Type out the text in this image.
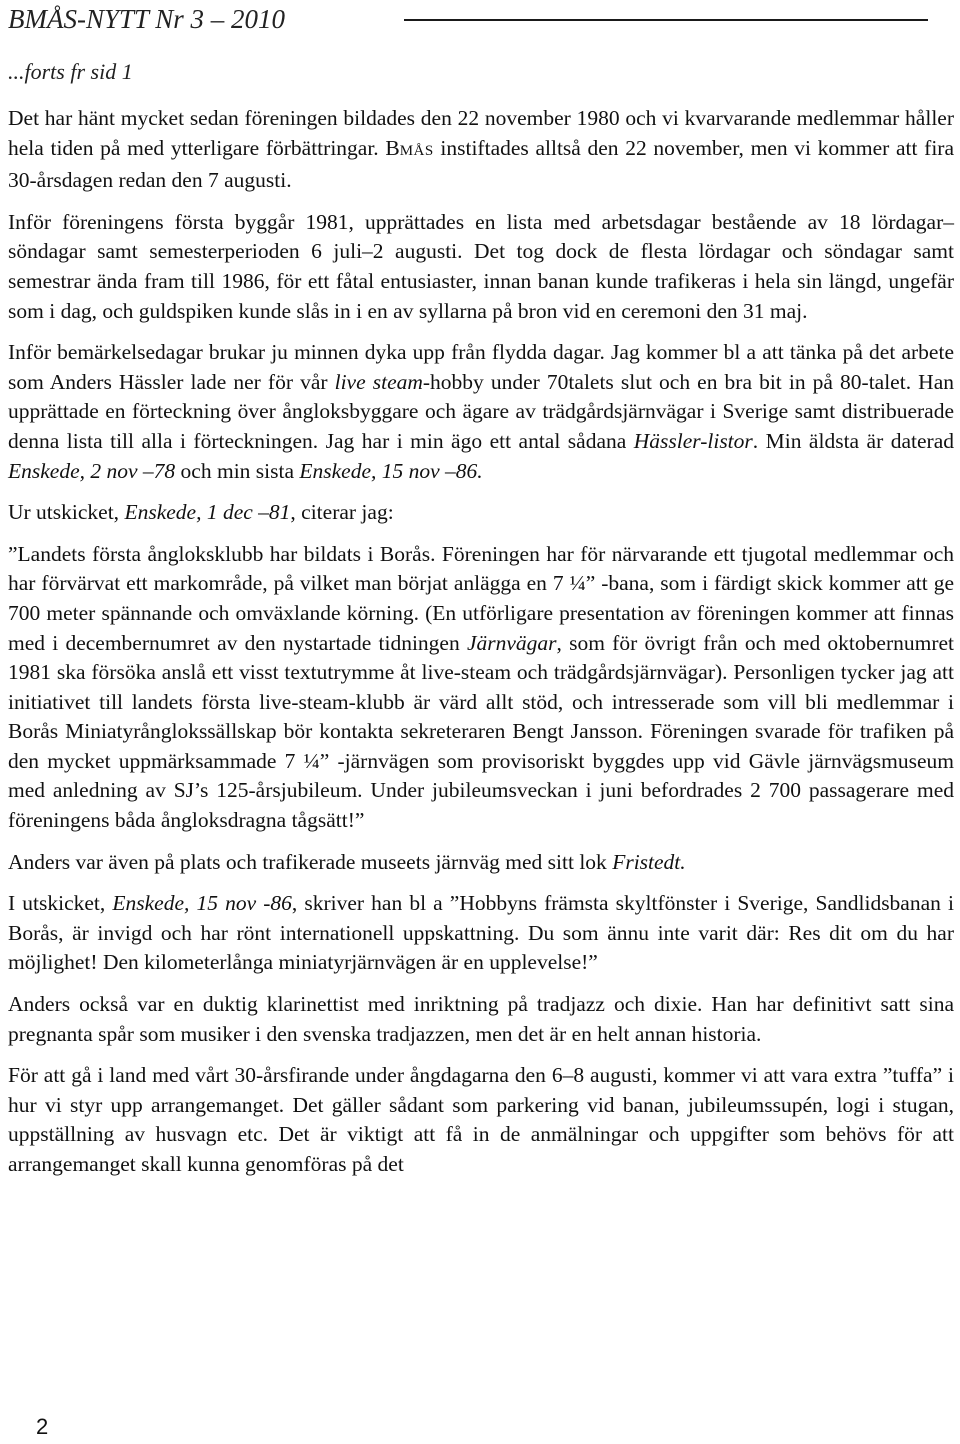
BMÅS-NYTT Nr 3 – 2010
...forts fr sid 1

Det har hänt mycket sedan föreningen bildades den 22 november 1980 och vi kvarvarande medlemmar håller hela tiden på med ytterligare förbättringar. BMÅS instiftades alltså den 22 november, men vi kommer att fira 30-årsdagen redan den 7 augusti.

Inför föreningens första byggår 1981, upprättades en lista med arbetsdagar bestående av 18 lördagar–söndagar samt semesterperioden 6 juli–2 augusti. Det tog dock de flesta lördagar och söndagar samt semestrar ända fram till 1986, för ett fåtal entusiaster, innan banan kunde trafikeras i hela sin längd, ungefär som i dag, och guldspiken kunde slås in i en av syllarna på bron vid en ceremoni den 31 maj.

Inför bemärkelsedagar brukar ju minnen dyka upp från flydda dagar. Jag kommer bl a att tänka på det arbete som Anders Hässler lade ner för vår live steam-hobby under 70talets slut och en bra bit in på 80-talet. Han upprättade en förteckning över ångloksbyggare och ägare av trädgårdsjärnvägar i Sverige samt distribuerade denna lista till alla i förteckningen. Jag har i min ägo ett antal sådana Hässler-listor. Min äldsta är daterad Enskede, 2 nov –78 och min sista Enskede, 15 nov –86.

Ur utskicket, Enskede, 1 dec –81, citerar jag:

”Landets första ångloksklubb har bildats i Borås. Föreningen har för närvarande ett tjugotal medlemmar och har förvärvat ett markområde, på vilket man börjat anlägga en 7 ¼” -bana, som i färdigt skick kommer att ge 700 meter spännande och omväxlande körning. (En utförligare presentation av föreningen kommer att finnas med i decembernumret av den nystartade tidningen Järnvägar, som för övrigt från och med oktobernumret 1981 ska försöka anslå ett visst textutrymme åt live-steam och trädgårdsjärnvägar). Personligen tycker jag att initiativet till landets första live-steam-klubb är värd allt stöd, och intresserade som vill bli medlemmar i Borås Miniatyrånglokssällskap bör kontakta sekreteraren Bengt Jansson. Föreningen svarade för trafiken på den mycket uppmärksammade 7 ¼” -järnvägen som provisoriskt byggdes upp vid Gävle järnvägsmuseum med anledning av SJ’s 125-årsjubileum. Under jubileumsveckan i juni befordrades 2 700 passagerare med föreningens båda ångloksdragna tågsätt!”

Anders var även på plats och trafikerade museets järnväg med sitt lok Fristedt.

I utskicket, Enskede, 15 nov -86, skriver han bl a ”Hobbyns främsta skyltfönster i Sverige, Sandlidsbanan i Borås, är invigd och har rönt internationell uppskattning. Du som ännu inte varit där: Res dit om du har möjlighet! Den kilometerlånga miniatyrjärnvägen är en upplevelse!”

Anders också var en duktig klarinettist med inriktning på tradjazz och dixie. Han har definitivt satt sina pregnanta spår som musiker i den svenska tradjazzen, men det är en helt annan historia.

För att gå i land med vårt 30-årsfirande under ångdagarna den 6–8 augusti, kommer vi att vara extra ”tuffa” i hur vi styr upp arrangemanget. Det gäller sådant som parkering vid banan, jubileumssupén, logi i stugan, uppställning av husvagn etc. Det är viktigt att få in de anmälningar och uppgifter som behövs för att arrangemanget skall kunna genomföras på det

2
